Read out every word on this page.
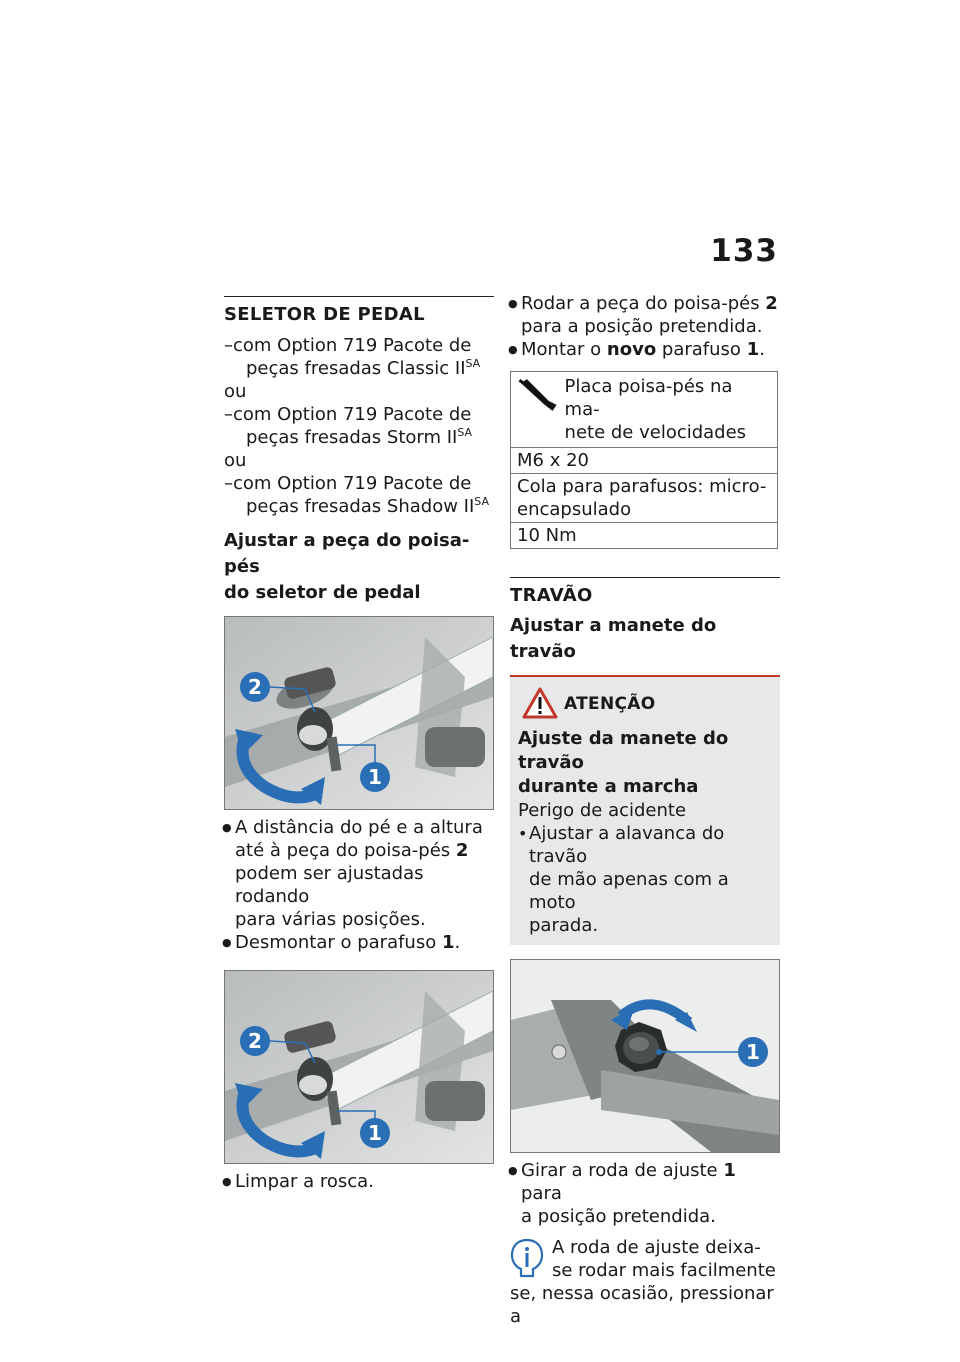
133
SELETOR DE PEDAL
–com Option 719 Pacote de
peças fresadas Classic $II^{SA}$
ou
–com Option 719 Pacote de
peças fresadas Storm $II^{SA}$
ou
–com Option 719 Pacote de
peças fresadas Shadow $II^{SA}$
Ajustar a peça do poisa-pés
do seletor de pedal
2
1
● A distância do pé e a altura
até à peça do poisa-pés 2
podem ser ajustadas rodando
para várias posições.
● Desmontar o parafuso 1.
2
1
● Limpar a rosca.
● Rodar a peça do poisa-pés 2
para a posição pretendida.
● Montar o novo parafuso 1.
Placa poisa-pés na ma-
nete de velocidades

M6 x 20

Cola para parafusos: micro-
encapsulado

10 Nm
TRAVÃO
Ajustar a manete do travão
ATENÇÃO
Ajuste da manete do travão
durante a marcha
Perigo de acidente
• Ajustar a alavanca do travão
de mão apenas com a moto
parada.
1
● Girar a roda de ajuste 1 para
a posição pretendida.
A roda de ajuste deixa-
se rodar mais facilmente
se, nessa ocasião, pressionar a
